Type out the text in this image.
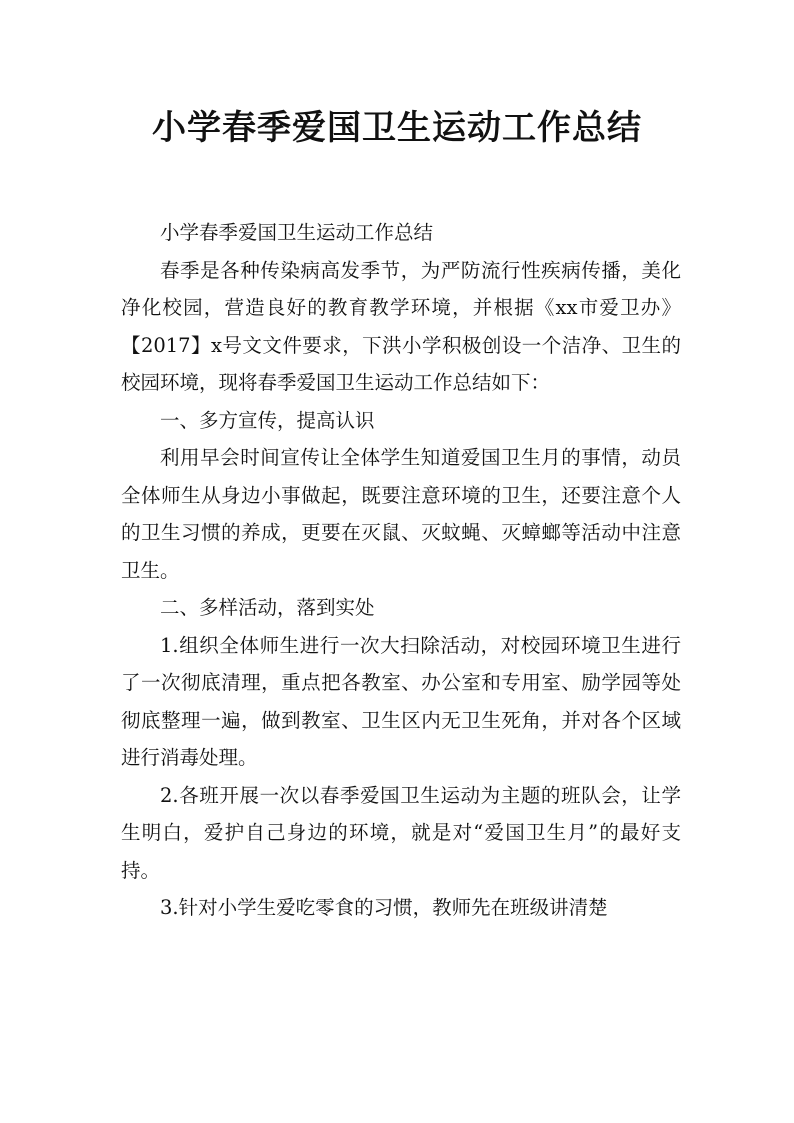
小学春季爱国卫生运动工作总结

小学春季爱国卫生运动工作总结

春季是各种传染病高发季节，为严防流行性疾病传播，美化净化校园，营造良好的教育教学环境，并根据《xx市爱卫办》【2017】x号文文件要求，下洪小学积极创设一个洁净、卫生的校园环境，现将春季爱国卫生运动工作总结如下：

一、多方宣传，提高认识

利用早会时间宣传让全体学生知道爱国卫生月的事情，动员全体师生从身边小事做起，既要注意环境的卫生，还要注意个人的卫生习惯的养成，更要在灭鼠、灭蚊蝇、灭蟑螂等活动中注意卫生。

二、多样活动，落到实处

1.组织全体师生进行一次大扫除活动，对校园环境卫生进行了一次彻底清理，重点把各教室、办公室和专用室、励学园等处彻底整理一遍，做到教室、卫生区内无卫生死角，并对各个区域进行消毒处理。

2.各班开展一次以春季爱国卫生运动为主题的班队会，让学生明白，爱护自己身边的环境，就是对“爱国卫生月”的最好支持。

3.针对小学生爱吃零食的习惯，教师先在班级讲清楚
